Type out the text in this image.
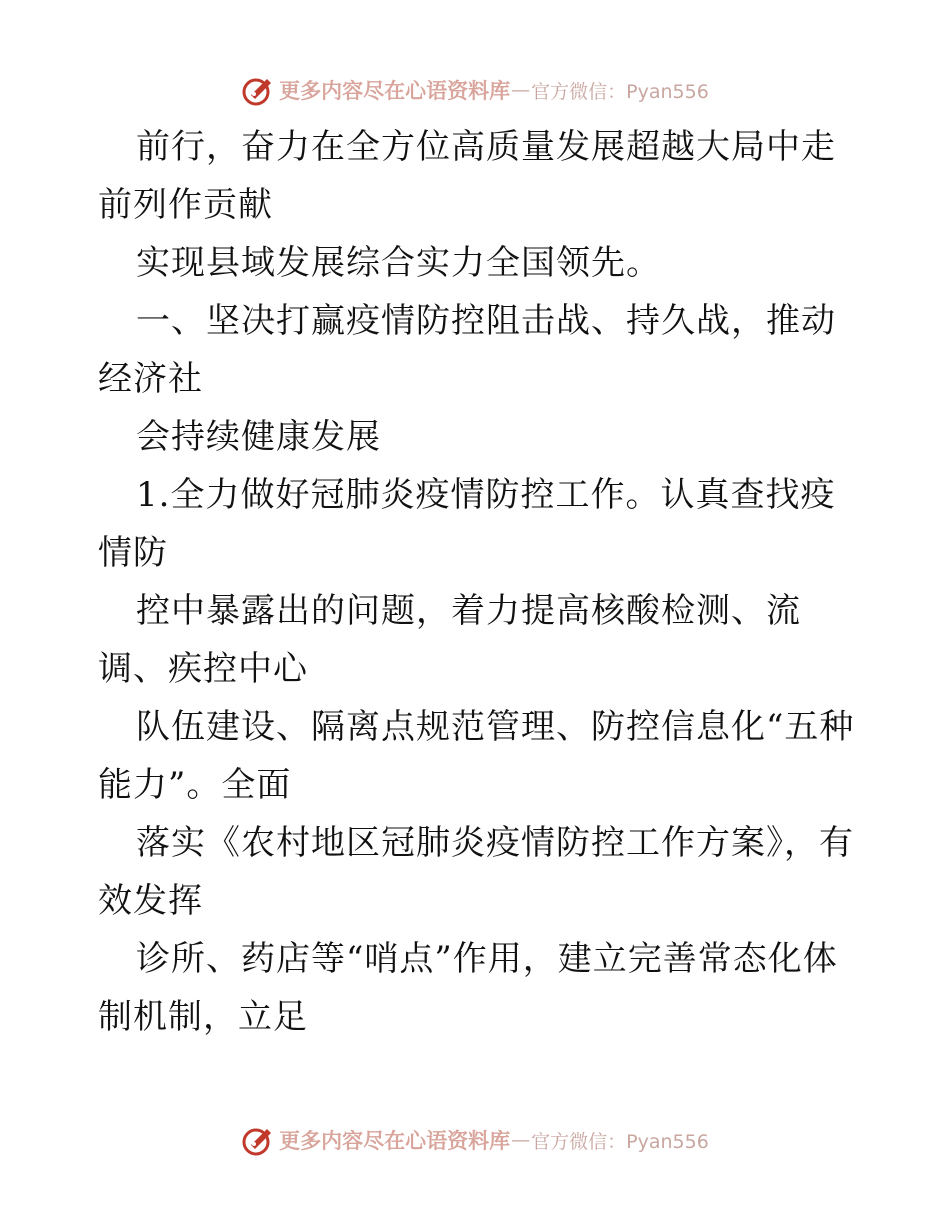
更多内容尽在心语资料库 — 官方微信：Pyan556

前行，奋力在全方位高质量发展超越大局中走前列作贡献

实现县域发展综合实力全国领先。

一、坚决打赢疫情防控阻击战、持久战，推动经济社

会持续健康发展

1.全力做好冠肺炎疫情防控工作。认真查找疫情防

控中暴露出的问题，着力提高核酸检测、流调、疾控中心

队伍建设、隔离点规范管理、防控信息化“五种能力”。全面

落实《农村地区冠肺炎疫情防控工作方案》，有效发挥

诊所、药店等“哨点”作用，建立完善常态化体制机制，立足

更多内容尽在心语资料库 — 官方微信：Pyan556
